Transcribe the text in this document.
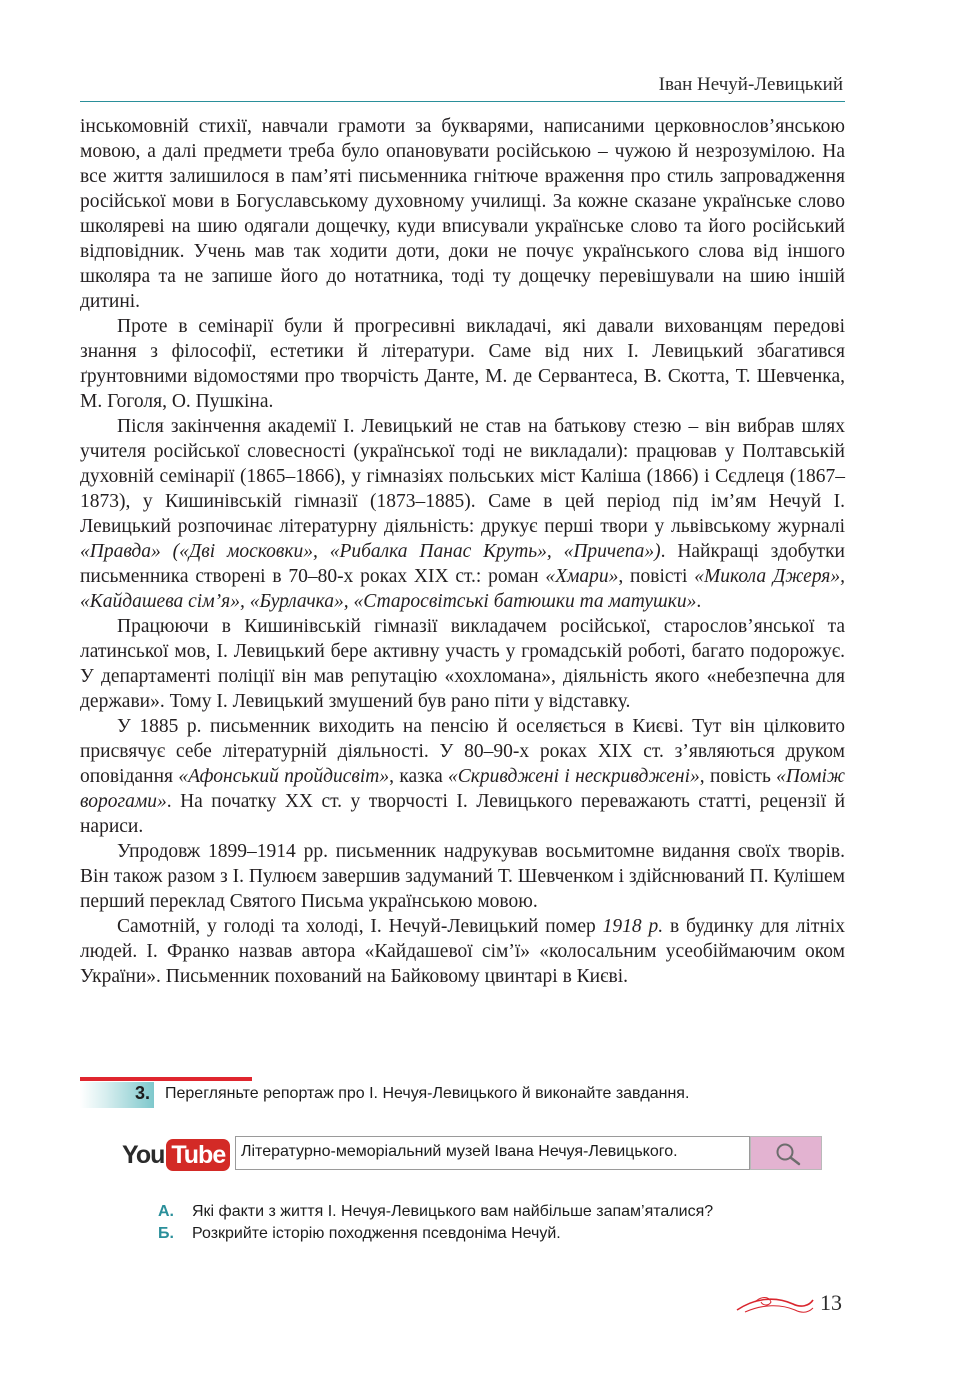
Іван Нечуй-Левицький

інськомовній стихії, навчали грамоти за букварями, написаними церковнослов’янською мовою, а далі предмети треба було опановувати російською – чужою й незрозумілою. На все життя залишилося в пам’яті письменника гнітюче враження про стиль запровадження російської мови в Богуславському духовному училищі. За кожне сказане українське слово школяреві на шию одягали дощечку, куди вписували українське слово та його російський відповідник. Учень мав так ходити доти, доки не почує українського слова від іншого школяра та не запише його до нотатника, тоді ту дощечку перевішували на шию іншій дитині.

Проте в семінарії були й прогресивні викладачі, які давали вихованцям передові знання з філософії, естетики й літератури. Саме від них І. Левицький збагатився ґрунтовними відомостями про творчість Данте, М. де Сервантеса, В. Скотта, Т. Шевченка, М. Гоголя, О. Пушкіна.

Після закінчення академії І. Левицький не став на батькову стезю – він вибрав шлях учителя російської словесності (української тоді не викладали): працював у Полтавській духовній семінарії (1865–1866), у гімназіях польських міст Каліша (1866) і Сєдлеця (1867–1873), у Кишинівській гімназії (1873–1885). Саме в цей період під ім’ям Нечуй І. Левицький розпочинає літературну діяльність: друкує перші твори у львівському журналі «Правда» («Дві московки», «Рибалка Панас Круть», «Причепа»). Найкращі здобутки письменника створені в 70–80-х роках XIX ст.: роман «Хмари», повісті «Микола Джеря», «Кайдашева сім’я», «Бурлачка», «Старосвітські батюшки та матушки».

Працюючи в Кишинівській гімназії викладачем російської, старослов’янської та латинської мов, І. Левицький бере активну участь у громадській роботі, багато подорожує. У департаменті поліції він мав репутацію «хохломана», діяльність якого «небезпечна для держави». Тому І. Левицький змушений був рано піти у відставку.

У 1885 р. письменник виходить на пенсію й оселяється в Києві. Тут він цілковито присвячує себе літературній діяльності. У 80–90-х роках XIX ст. з’являються друком оповідання «Афонський пройдисвіт», казка «Скривджені і нескривджені», повість «Поміж ворогами». На початку XX ст. у творчості І. Левицького переважають статті, рецензії й нариси.

Упродовж 1899–1914 рр. письменник надрукував восьмитомне видання своїх творів. Він також разом з І. Пулюєм завершив задуманий Т. Шевченком і здійснюваний П. Кулішем перший переклад Святого Письма українською мовою.

Самотній, у голоді та холоді, І. Нечуй-Левицький помер 1918 р. в будинку для літніх людей. І. Франко назвав автора «Кайдашевої сім’ї» «колосальним усеобіймаючим оком України». Письменник похований на Байковому цвинтарі в Києві.

3. Перегляньте репортаж про І. Нечуя-Левицького й виконайте завдання.
You Tube Літературно-меморіальний музей Івана Нечуя-Левицького.
А. Які факти з життя І. Нечуя-Левицького вам найбільше запам’яталися?
Б. Розкрийте історію походження псевдоніма Нечуй.
13
